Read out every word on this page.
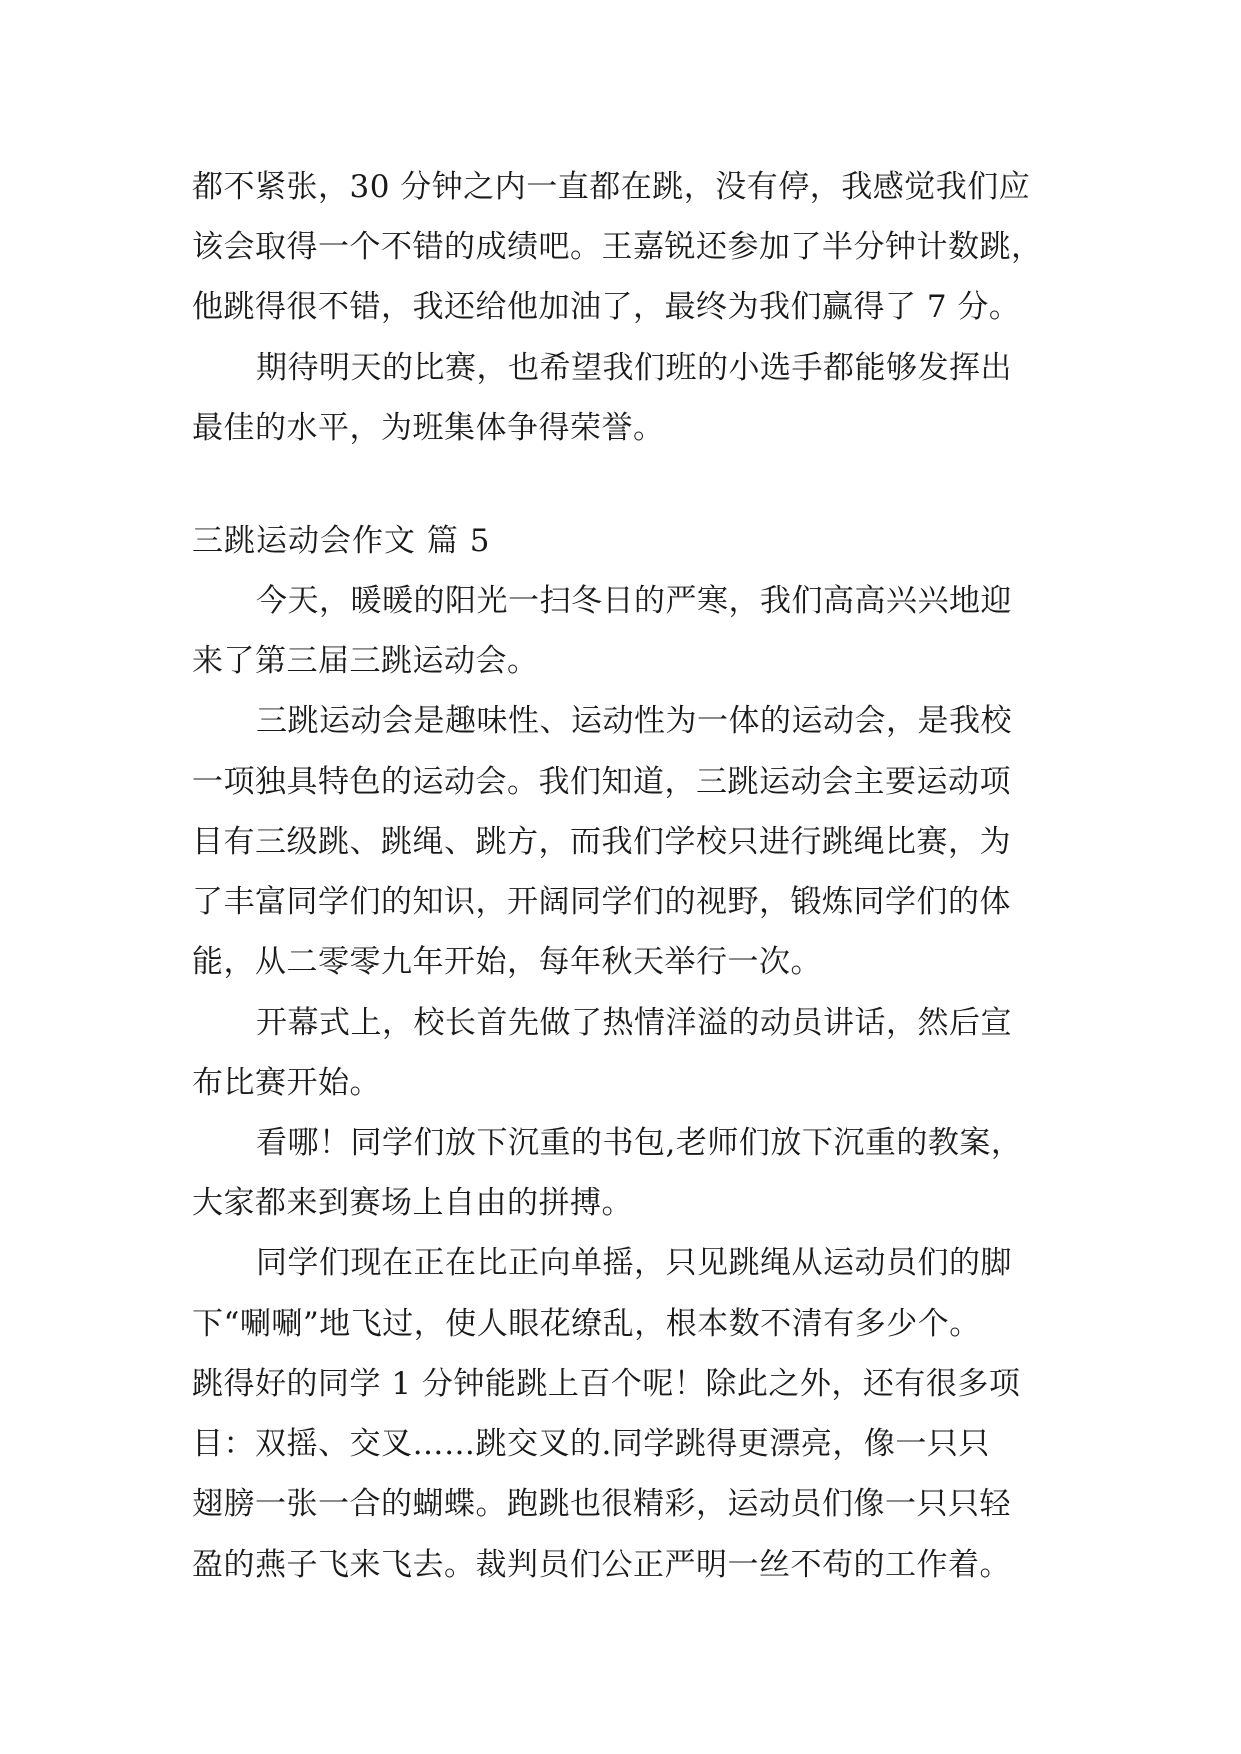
都不紧张，30 分钟之内一直都在跳，没有停，我感觉我们应
该会取得一个不错的成绩吧。王嘉锐还参加了半分钟计数跳，
他跳得很不错，我还给他加油了，最终为我们赢得了 7 分。
期待明天的比赛，也希望我们班的小选手都能够发挥出
最佳的水平，为班集体争得荣誉。
三跳运动会作文 篇 5
今天，暖暖的阳光一扫冬日的严寒，我们高高兴兴地迎
来了第三届三跳运动会。
三跳运动会是趣味性、运动性为一体的运动会，是我校
一项独具特色的运动会。我们知道，三跳运动会主要运动项
目有三级跳、跳绳、跳方，而我们学校只进行跳绳比赛，为
了丰富同学们的知识，开阔同学们的视野，锻炼同学们的体
能，从二零零九年开始，每年秋天举行一次。
开幕式上，校长首先做了热情洋溢的动员讲话，然后宣
布比赛开始。
看哪！同学们放下沉重的书包,老师们放下沉重的教案，
大家都来到赛场上自由的拼搏。
同学们现在正在比正向单摇，只见跳绳从运动员们的脚
下“唰唰”地飞过，使人眼花缭乱，根本数不清有多少个。
跳得好的同学 1 分钟能跳上百个呢！除此之外，还有很多项
目：双摇、交叉……跳交叉的.同学跳得更漂亮，像一只只
翅膀一张一合的蝴蝶。跑跳也很精彩，运动员们像一只只轻
盈的燕子飞来飞去。裁判员们公正严明一丝不苟的工作着。
